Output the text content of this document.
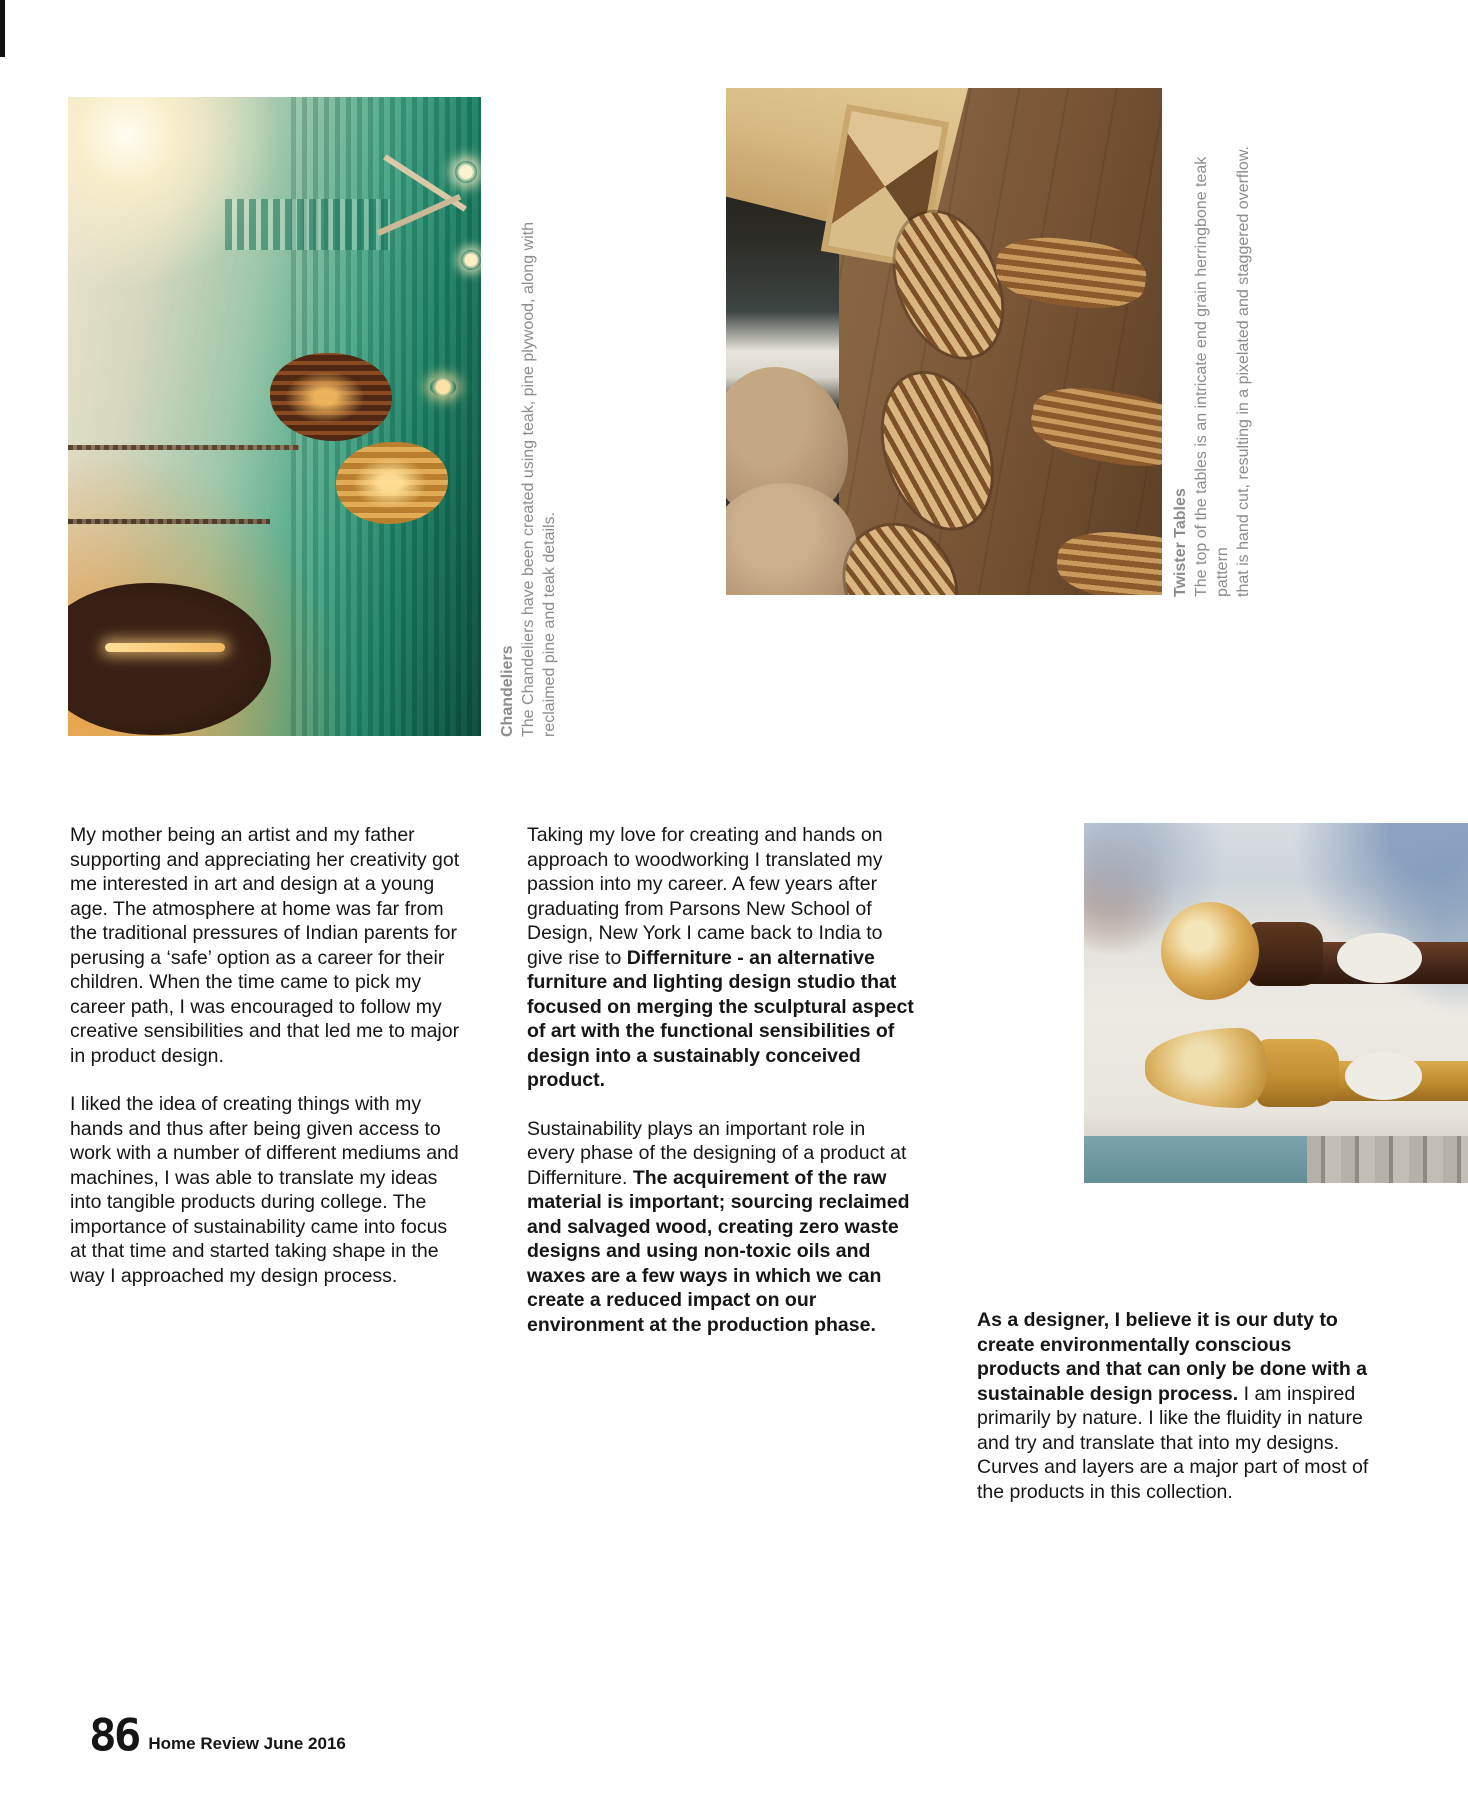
Chandeliers The Chandeliers have been created using teak, pine plywood, along with reclaimed pine and teak details.	Twister Tables The top of the tables is an intricate end grain herringbone teak pattern that is hand cut, resulting in a pixelated and staggered overflow.

My mother being an artist and my father supporting and appreciating her creativity got me interested in art and design at a young age. The atmosphere at home was far from the traditional pressures of Indian parents for perusing a ‘safe’ option as a career for their children. When the time came to pick my career path, I was encouraged to follow my creative sensibilities and that led me to major in product design.

I liked the idea of creating things with my hands and thus after being given access to work with a number of different mediums and machines, I was able to translate my ideas into tangible products during college. The importance of sustainability came into focus at that time and started taking shape in the way I approached my design process.

Taking my love for creating and hands on approach to woodworking I translated my passion into my career. A few years after graduating from Parsons New School of Design, New York I came back to India to give rise to Differniture - an alternative furniture and lighting design studio that focused on merging the sculptural aspect of art with the functional sensibilities of design into a sustainably conceived product.

Sustainability plays an important role in every phase of the designing of a product at Differniture. The acquirement of the raw material is important; sourcing reclaimed and salvaged wood, creating zero waste designs and using non-toxic oils and waxes are a few ways in which we can create a reduced impact on our environment at the production phase.	As a designer, I believe it is our duty to create environmentally conscious products and that can only be done with a sustainable design process. I am inspired primarily by nature. I like the fluidity in nature and try and translate that into my designs. Curves and layers are a major part of most of the products in this collection.

86 Home Review June 2016
